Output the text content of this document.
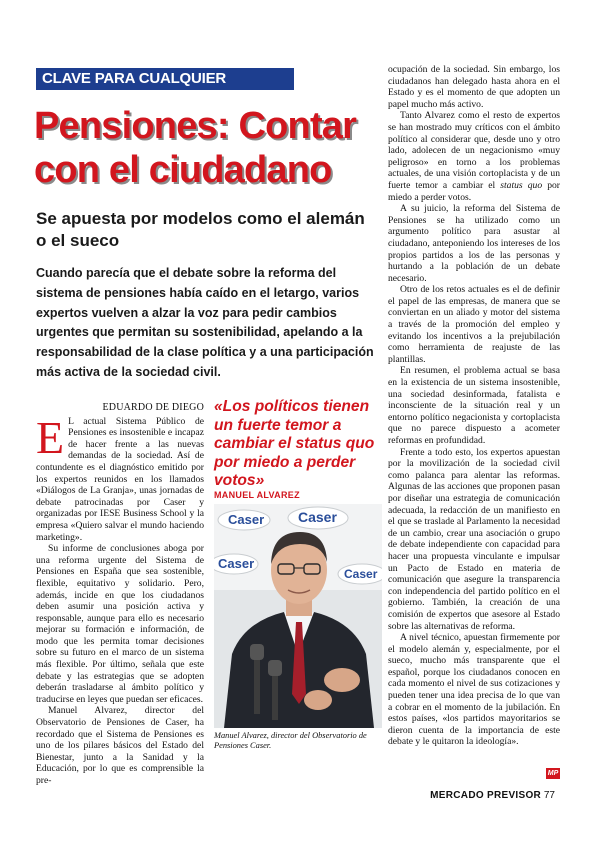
CLAVE PARA CUALQUIER REFORMA
Pensiones: Contar con el ciudadano
Se apuesta por modelos como el alemán o el sueco

Cuando parecía que el debate sobre la reforma del sistema de pensiones había caído en el letargo, varios expertos vuelven a alzar la voz para pedir cambios urgentes que permitan su sostenibilidad, apelando a la responsabilidad de la clase política y a una participación más activa de la sociedad civil.

EDUARDO DE DIEGO
E L actual Sistema Público de Pensiones es insostenible e incapaz de hacer frente a las nuevas demandas de la sociedad. Así de contundente es el diagnóstico emitido por los expertos reunidos en los llamados «Diálogos de La Granja», unas jornadas de debate patrocinadas por Caser y organizadas por IESE Business School y la empresa «Quiero salvar el mundo haciendo marketing».

Su informe de conclusiones aboga por una reforma urgente del Sistema de Pensiones en España que sea sostenible, flexible, equitativo y solidario. Pero, además, incide en que los ciudadanos deben asumir una posición activa y responsable, aunque para ello es necesario mejorar su formación e información, de modo que les permita tomar decisiones sobre su futuro en el marco de un sistema más flexible. Por último, señala que este debate y las estrategias que se adopten deberán trasladarse al ámbito político y traducirse en leyes que puedan ser eficaces.

Manuel Alvarez, director del Observatorio de Pensiones de Caser, ha recordado que el Sistema de Pensiones es uno de los pilares básicos del Estado del Bienestar, junto a la Sanidad y la Educación, por lo que es comprensible la pre-

«Los políticos tienen un fuerte temor a cambiar el status quo por miedo a perder votos»

MANUEL ALVAREZ
Caser Caser
Caser
Caser

Manuel Alvarez, director del Observatorio de Pensiones Caser.

ocupación de la sociedad. Sin embargo, los ciudadanos han delegado hasta ahora en el Estado y es el momento de que adopten un papel mucho más activo.

Tanto Alvarez como el resto de expertos se han mostrado muy críticos con el ámbito político al considerar que, desde uno y otro lado, adolecen de un negacionismo «muy peligroso» en torno a los problemas actuales, de una visión cortoplacista y de un fuerte temor a cambiar el status quo por miedo a perder votos.

A su juicio, la reforma del Sistema de Pensiones se ha utilizado como un argumento político para asustar al ciudadano, anteponiendo los intereses de los propios partidos a los de las personas y hurtando a la población de un debate necesario.

Otro de los retos actuales es el de definir el papel de las empresas, de manera que se conviertan en un aliado y motor del sistema a través de la promoción del empleo y evitando los incentivos a la prejubilación como herramienta de reajuste de las plantillas.

En resumen, el problema actual se basa en la existencia de un sistema insostenible, una sociedad desinformada, fatalista e inconsciente de la situación real y un entorno político negacionista y cortoplacista que no parece dispuesto a acometer reformas en profundidad.

Frente a todo esto, los expertos apuestan por la movilización de la sociedad civil como palanca para alentar las reformas. Algunas de las acciones que proponen pasan por diseñar una estrategia de comunicación adecuada, la redacción de un manifiesto en el que se traslade al Parlamento la necesidad de un cambio, crear una asociación o grupo de debate independiente con capacidad para hacer una propuesta vinculante e impulsar un Pacto de Estado en materia de comunicación que asegure la transparencia con independencia del partido político en el gobierno. También, la creación de una comisión de expertos que asesore al Estado sobre las alternativas de reforma.

A nivel técnico, apuestan firmemente por el modelo alemán y, especialmente, por el sueco, mucho más transparente que el español, porque los ciudadanos conocen en cada momento el nivel de sus cotizaciones y pueden tener una idea precisa de lo que van a cobrar en el momento de la jubilación. En estos países, «los partidos mayoritarios se dieron cuenta de la importancia de este debate y le quitaron la ideología».

MP
MERCADO PREVISOR 77
